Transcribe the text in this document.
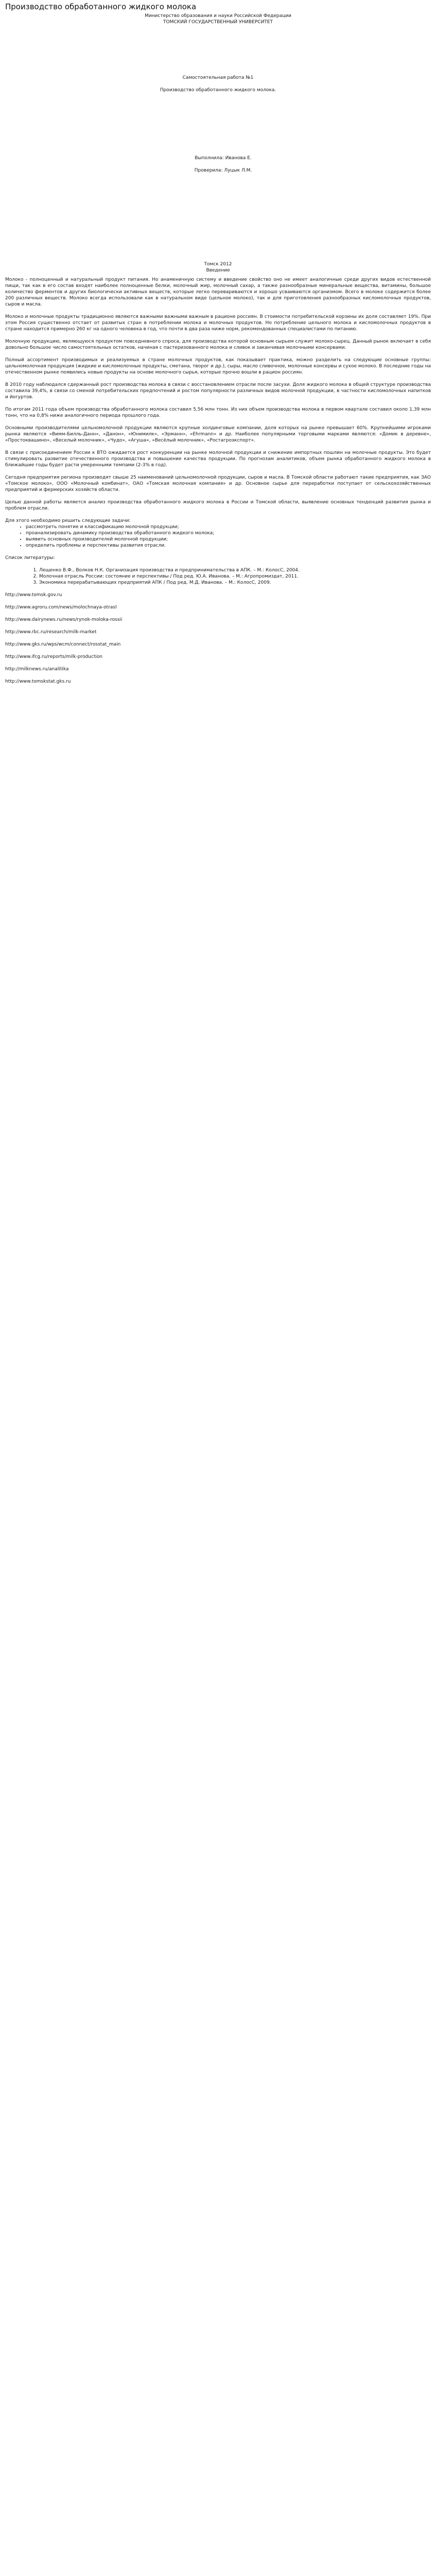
Производство обработанного жидкого молока

Министерство образования и науки Российской Федерации

ТОМСКИЙ ГОСУДАРСТВЕННЫЙ УНИВЕРСИТЕТ

Самостоятельная работа №1

Производство обработанного жидкого молока.

Выполнила: Иванова Е.

Проверила: Луцык Л.М.

Томск 2012

Введение

Молоко - полноценный и натуральный продукт питания. Но анаменичную систему и введение свойство оно не имеет аналогичные среди других видов естественной пищи, так как в его состав входят наиболее полноценные белки, молочный жир, молочный сахар, а также разнообразные минеральные вещества, витамины, большое количество ферментов и других биологически активных веществ, которые легко перевариваются и хорошо усваиваются организмом. Всего в молоке содержится более 200 различных веществ. Молоко всегда использовали как в натуральном виде (цельное молоко), так и для приготовления разнообразных кисломолочных продуктов, сыров и масла.

Молоко и молочные продукты традиционно являются важными важными важным в рационе россиян. В стоимости потребительской корзины их доля составляет 19%. При этом Россия существенно отстает от развитых стран в потреблении молока и молочных продуктов. Но потребление цельного молока и кисломолочных продуктов в стране находится примерно 260 кг на одного человека в год, что почти в два раза ниже норм, рекомендованных специалистами по питанию.

Молочную продукцию, являющуюся продуктом повседневного спроса, для производства которой основным сырьем служит молоко-сырец. Данный рынок включает в себя довольно большое число самостоятельных остатков, начиная с пастеризованного молока и сливок и заканчивая молочными консервами.

Полный ассортимент производимых и реализуемых в стране молочных продуктов, как показывает практика, можно разделить на следующие основные группы: цельномолочная продукция (жидкие и кисломолочные продукты, сметана, творог и др.), сыры, масло сливочное, молочные консервы и сухое молоко. В последние годы на отечественном рынке появились новые продукты на основе молочного сырья, которые прочно вошли в рацион россиян.

В 2010 году наблюдался сдержанный рост производства молока в связи с восстановлением отрасли после засухи. Доля жидкого молока в общей структуре производства составила 39,4%, в связи со сменой потребительских предпочтений и ростом популярности различных видов молочной продукции, в частности кисломолочных напитков и йогуртов.

По итогам 2011 года объем производства обработанного молока составил 5,56 млн тонн. Из них объем производства молока в первом квартале составил около 1,39 млн тонн, что на 0,8% ниже аналогичного периода прошлого года.

Основными производителями цельномолочной продукции являются крупные холдинговые компании, доля которых на рынке превышает 60%. Крупнейшими игроками рынка являются «Вимм-Билль-Данн», «Данон», «Юнимилк», «Эрманн», «Ehrmann» и др. Наиболее популярными торговыми марками являются: «Домик в деревне», «Простоквашино», «Веселый молочник», «Чудо», «Агуша», «Весёлый молочник», «Ростагроэкспорт».

В связи с присоединением России к ВТО ожидается рост конкуренции на рынке молочной продукции и снижение импортных пошлин на молочные продукты. Это будет стимулировать развитие отечественного производства и повышение качества продукции. По прогнозам аналитиков, объем рынка обработанного жидкого молока в ближайшие годы будет расти умеренными темпами (2-3% в год).

Сегодня предприятия региона производят свыше 25 наименований цельномолочной продукции, сыров и масла. В Томской области работают такие предприятия, как ЗАО «Томское молоко», ООО «Молочный комбинат», ОАО «Томская молочная компания» и др. Основное сырье для переработки поступает от сельскохозяйственных предприятий и фермерских хозяйств области.

Целью данной работы является анализ производства обработанного жидкого молока в России и Томской области, выявление основных тенденций развития рынка и проблем отрасли.

Для этого необходимо решить следующие задачи:

• рассмотреть понятие и классификацию молочной продукции;
• проанализировать динамику производства обработанного жидкого молока;
• выявить основных производителей молочной продукции;
• определить проблемы и перспективы развития отрасли.

Список литературы:

1. Лещенко В.Ф., Волков Н.К. Организация производства и предпринимательства в АПК. – М.: КолосС, 2004.
2. Молочная отрасль России: состояние и перспективы / Под ред. Ю.А. Иванова. – М.: Агропромиздат, 2011.
3. Экономика перерабатывающих предприятий АПК / Под ред. М.Д. Иванова. – М.: КолосС, 2009.

http://www.tomsk.gov.ru

http://www.agroru.com/news/molochnaya-otrasl

http://www.dairynews.ru/news/rynok-moloka-rossii

http://www.rbc.ru/research/milk-market

http://www.gks.ru/wps/wcm/connect/rosstat_main

http://www.ifcg.ru/reports/milk-production

http://milknews.ru/analitika

http://www.tomskstat.gks.ru
